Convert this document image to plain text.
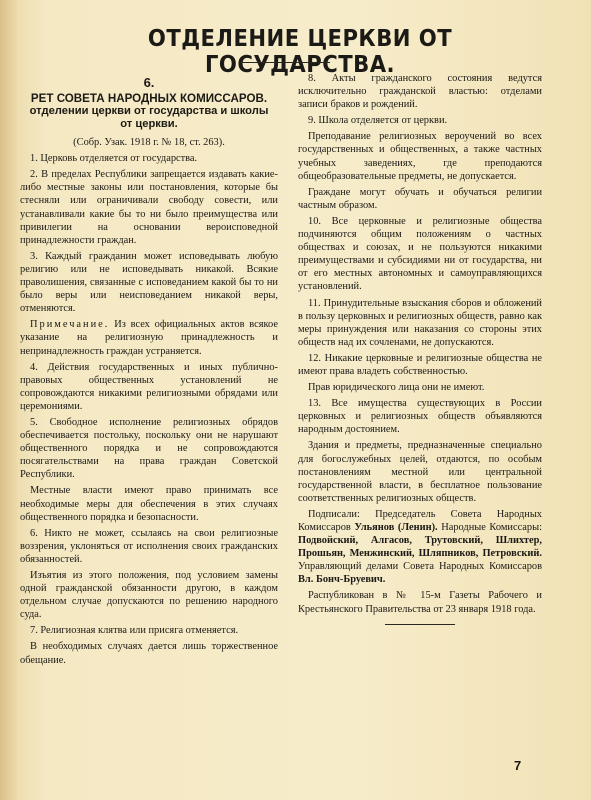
ОТДЕЛЕНИЕ ЦЕРКВИ ОТ ГОСУДАРСТВА.
6.
РЕТ СОВЕТА НАРОДНЫХ КОМИССАРОВ.
отделении церкви от государства и школы
от церкви.

(Собр. Узак. 1918 г. № 18, ст. 263).

1. Церковь отделяется от государства.

2. В пределах Республики запрещается издавать какие-либо местные законы или постановления, которые бы стесняли или ограничивали свободу совести, или устанавливали какие бы то ни было преимущества или привилегии на основании вероисповедной принадлежности граждан.

3. Каждый гражданин может исповедывать любую религию или не исповедывать никакой. Всякие праволишения, связанные с исповеданием какой бы то ни было веры или неисповеданием никакой веры, отменяются.

Примечание. Из всех официальных актов всякое указание на религиозную принадлежность и непринадлежность граждан устраняется.

4. Действия государственных и иных публично-правовых общественных установлений не сопровождаются никакими религиозными обрядами или церемониями.

5. Свободное исполнение религиозных обрядов обеспечивается постольку, поскольку они не нарушают общественного порядка и не сопровождаются посягательствами на права граждан Советской Республики.

Местные власти имеют право принимать все необходимые меры для обеспечения в этих случаях общественного порядка и безопасности.

6. Никто не может, ссылаясь на свои религиозные воззрения, уклоняться от исполнения своих гражданских обязанностей.

Изъятия из этого положения, под условием замены одной гражданской обязанности другою, в каждом отдельном случае допускаются по решению народного суда.

7. Религиозная клятва или присяга отменяется.

В необходимых случаях дается лишь торжественное обещание.

8. Акты гражданского состояния ведутся исключительно гражданской властью: отделами записи браков и рождений.

9. Школа отделяется от церкви.

Преподавание религиозных вероучений во всех государственных и общественных, а также частных учебных заведениях, где преподаются общеобразовательные предметы, не допускается.

Граждане могут обучать и обучаться религии частным образом.

10. Все церковные и религиозные общества подчиняются общим положениям о частных обществах и союзах, и не пользуются никакими преимуществами и субсидиями ни от государства, ни от его местных автономных и самоуправляющихся установлений.

11. Принудительные взыскания сборов и обложений в пользу церковных и религиозных обществ, равно как меры принуждения или наказания со стороны этих обществ над их сочленами, не допускаются.

12. Никакие церковные и религиозные общества не имеют права владеть собственностью.

Прав юридического лица они не имеют.

13. Все имущества существующих в России церковных и религиозных обществ объявляются народным достоянием.

Здания и предметы, предназначенные специально для богослужебных целей, отдаются, по особым постановлениям местной или центральной государственной власти, в бесплатное пользование соответственных религиозных обществ.

Подписали: Председатель Совета Народных Комиссаров Ульянов (Ленин). Народные Комиссары: Подвойский, Алгасов, Трутовский, Шлихтер, Прошьян, Менжинский, Шляпников, Петровский. Управляющий делами Совета Народных Комиссаров Вл. Бонч-Бруевич.

Распубликован в № 15-м Газеты Рабочего и Крестьянского Правительства от 23 января 1918 года.

7
